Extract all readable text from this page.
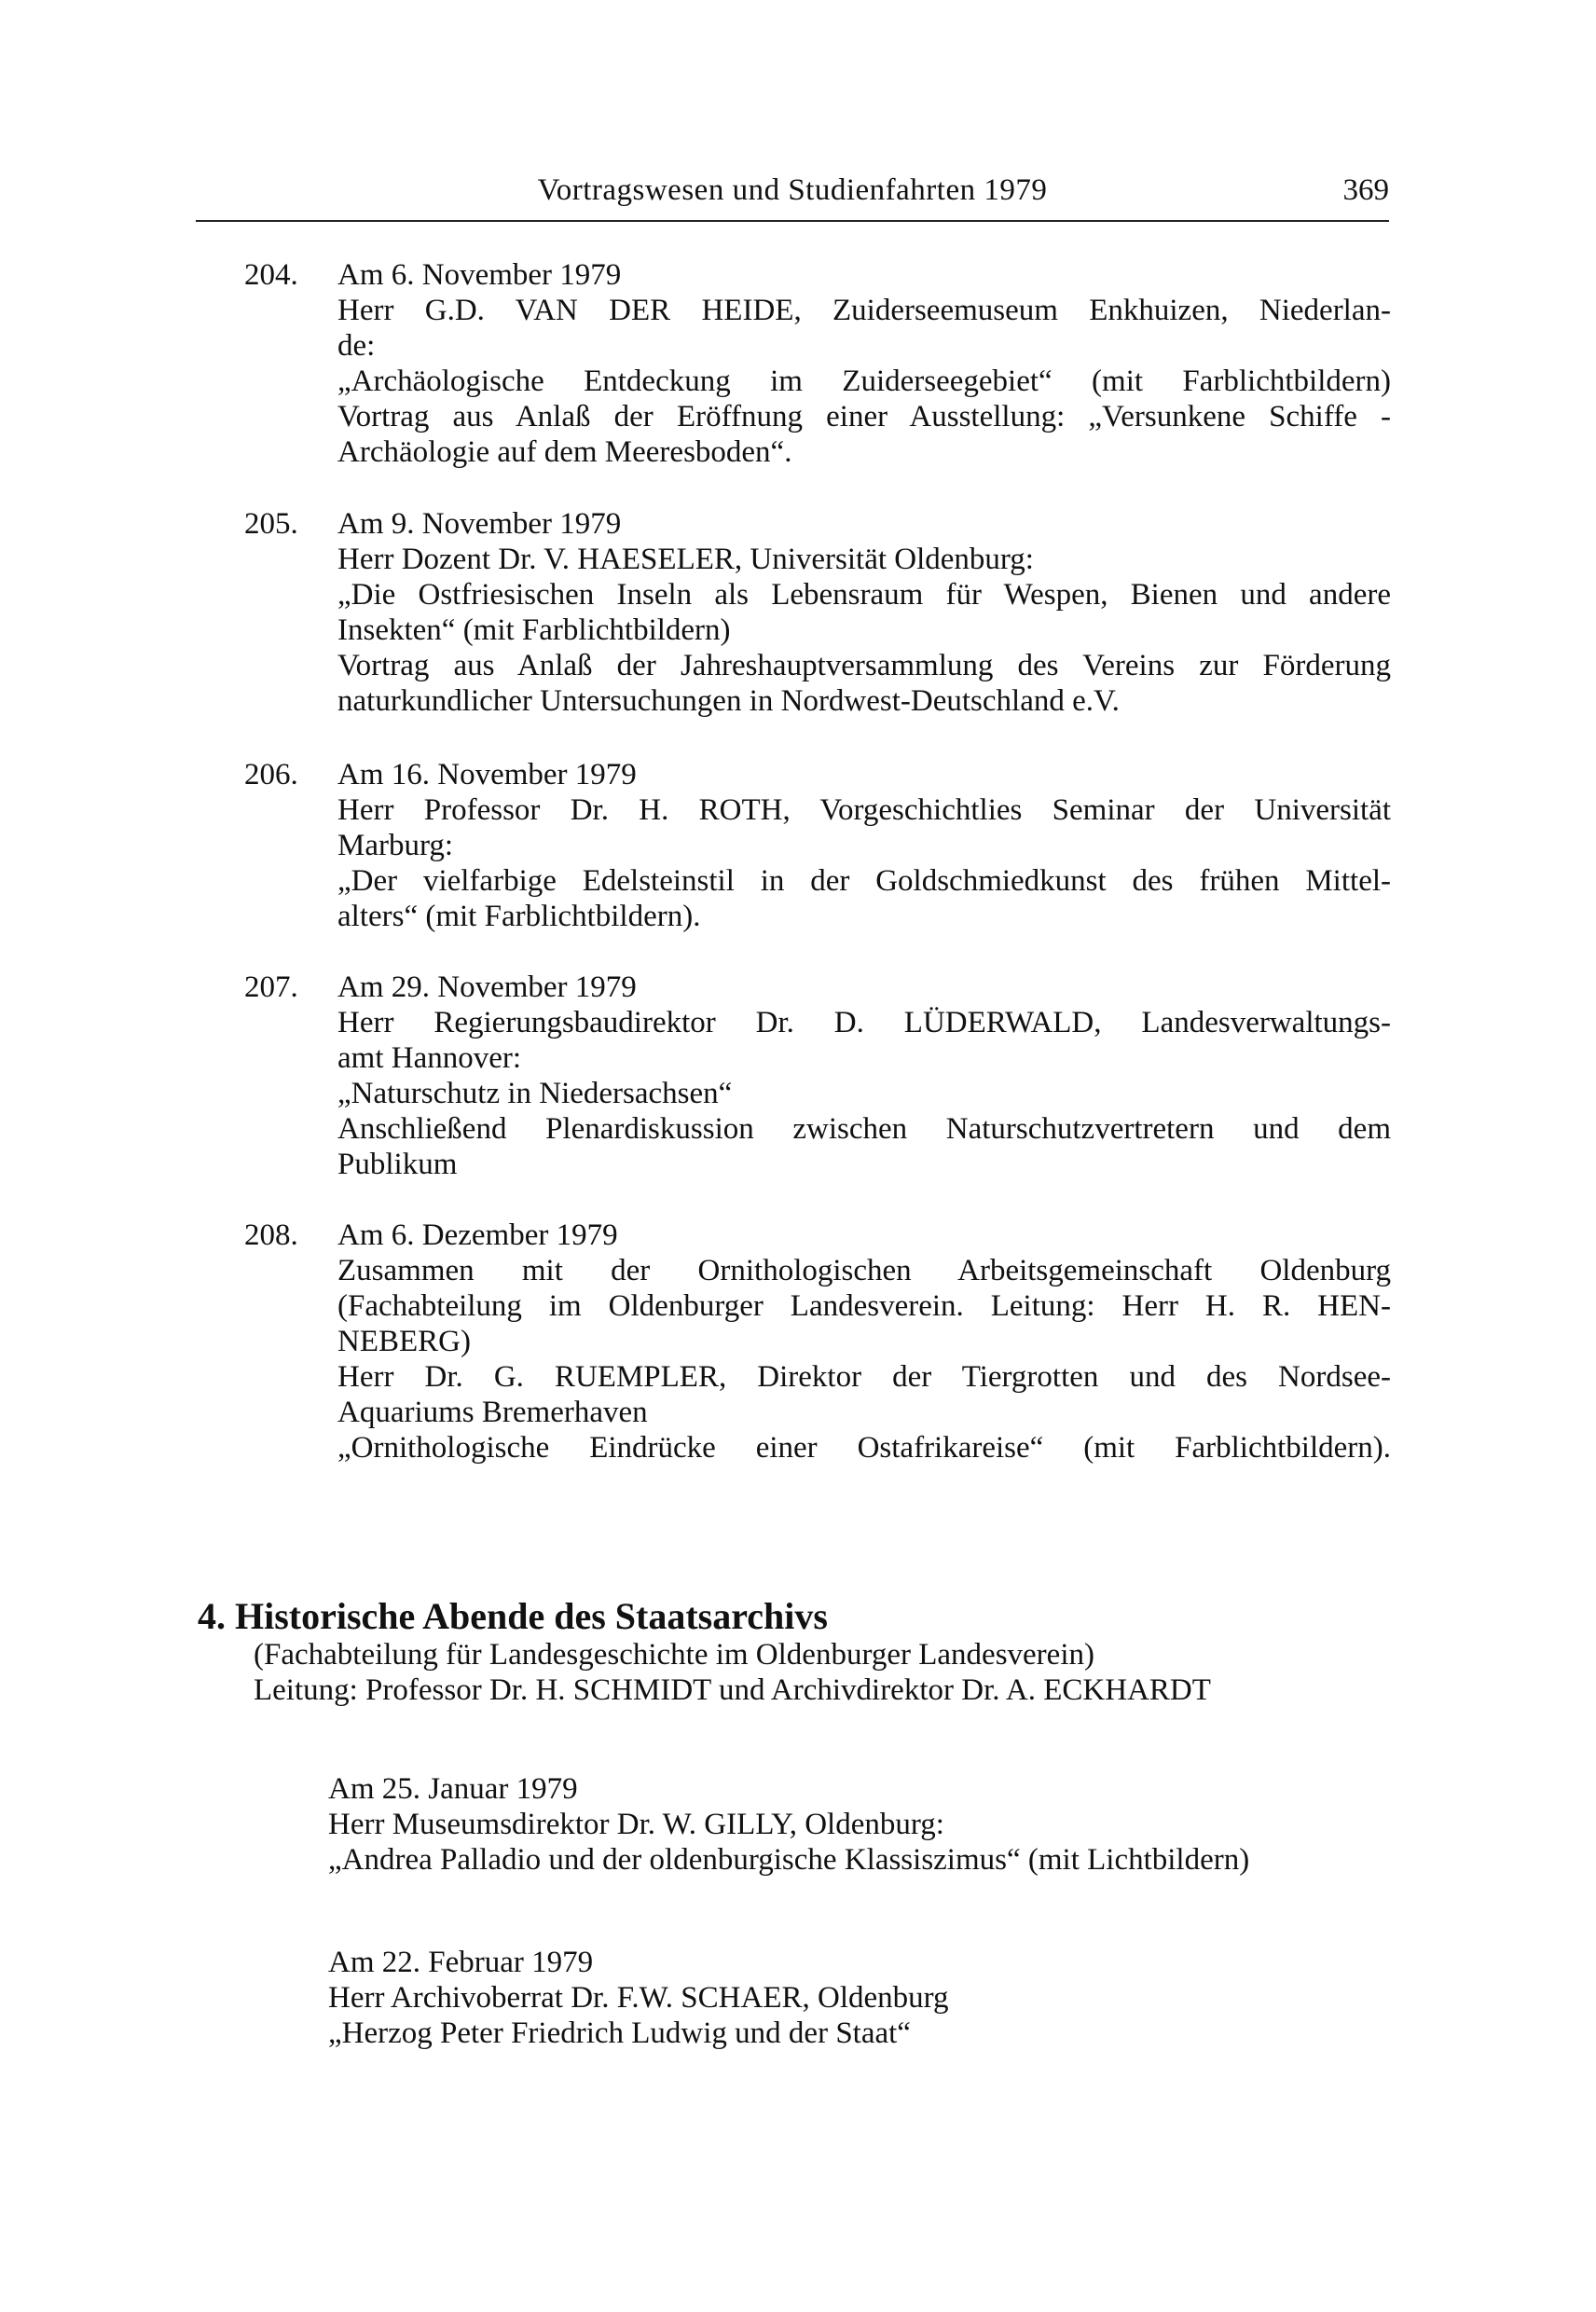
Vortragswesen und Studienfahrten 1979	369
204. Am 6. November 1979
Herr G.D. VAN DER HEIDE, Zuiderseemuseum Enkhuizen, Niederlan-
de:
„Archäologische Entdeckung im Zuiderseegebiet“ (mit Farblichtbildern)
Vortrag aus Anlaß der Eröffnung einer Ausstellung: „Versunkene Schiffe -
Archäologie auf dem Meeresboden“.
205. Am 9. November 1979
Herr Dozent Dr. V. HAESELER, Universität Oldenburg:
„Die Ostfriesischen Inseln als Lebensraum für Wespen, Bienen und andere
Insekten“ (mit Farblichtbildern)
Vortrag aus Anlaß der Jahreshauptversammlung des Vereins zur Förderung
naturkundlicher Untersuchungen in Nordwest-Deutschland e.V.
206. Am 16. November 1979
Herr Professor Dr. H. ROTH, Vorgeschichtlies Seminar der Universität
Marburg:
„Der vielfarbige Edelsteinstil in der Goldschmiedkunst des frühen Mittel-
alters“ (mit Farblichtbildern).
207. Am 29. November 1979
Herr Regierungsbaudirektor Dr. D. LÜDERWALD, Landesverwaltungs-
amt Hannover:
„Naturschutz in Niedersachsen“
Anschließend Plenardiskussion zwischen Naturschutzvertretern und dem
Publikum
208. Am 6. Dezember 1979
Zusammen mit der Ornithologischen Arbeitsgemeinschaft Oldenburg
(Fachabteilung im Oldenburger Landesverein. Leitung: Herr H. R. HEN-
NEBERG)
Herr Dr. G. RUEMPLER, Direktor der Tiergrotten und des Nordsee-
Aquariums Bremerhaven
„Ornithologische Eindrücke einer Ostafrikareise“ (mit Farblichtbildern).
4. Historische Abende des Staatsarchivs
(Fachabteilung für Landesgeschichte im Oldenburger Landesverein)
Leitung: Professor Dr. H. SCHMIDT und Archivdirektor Dr. A. ECKHARDT
Am 25. Januar 1979
Herr Museumsdirektor Dr. W. GILLY, Oldenburg:
„Andrea Palladio und der oldenburgische Klassiszimus“ (mit Lichtbildern)
Am 22. Februar 1979
Herr Archivoberrat Dr. F.W. SCHAER, Oldenburg
„Herzog Peter Friedrich Ludwig und der Staat“
